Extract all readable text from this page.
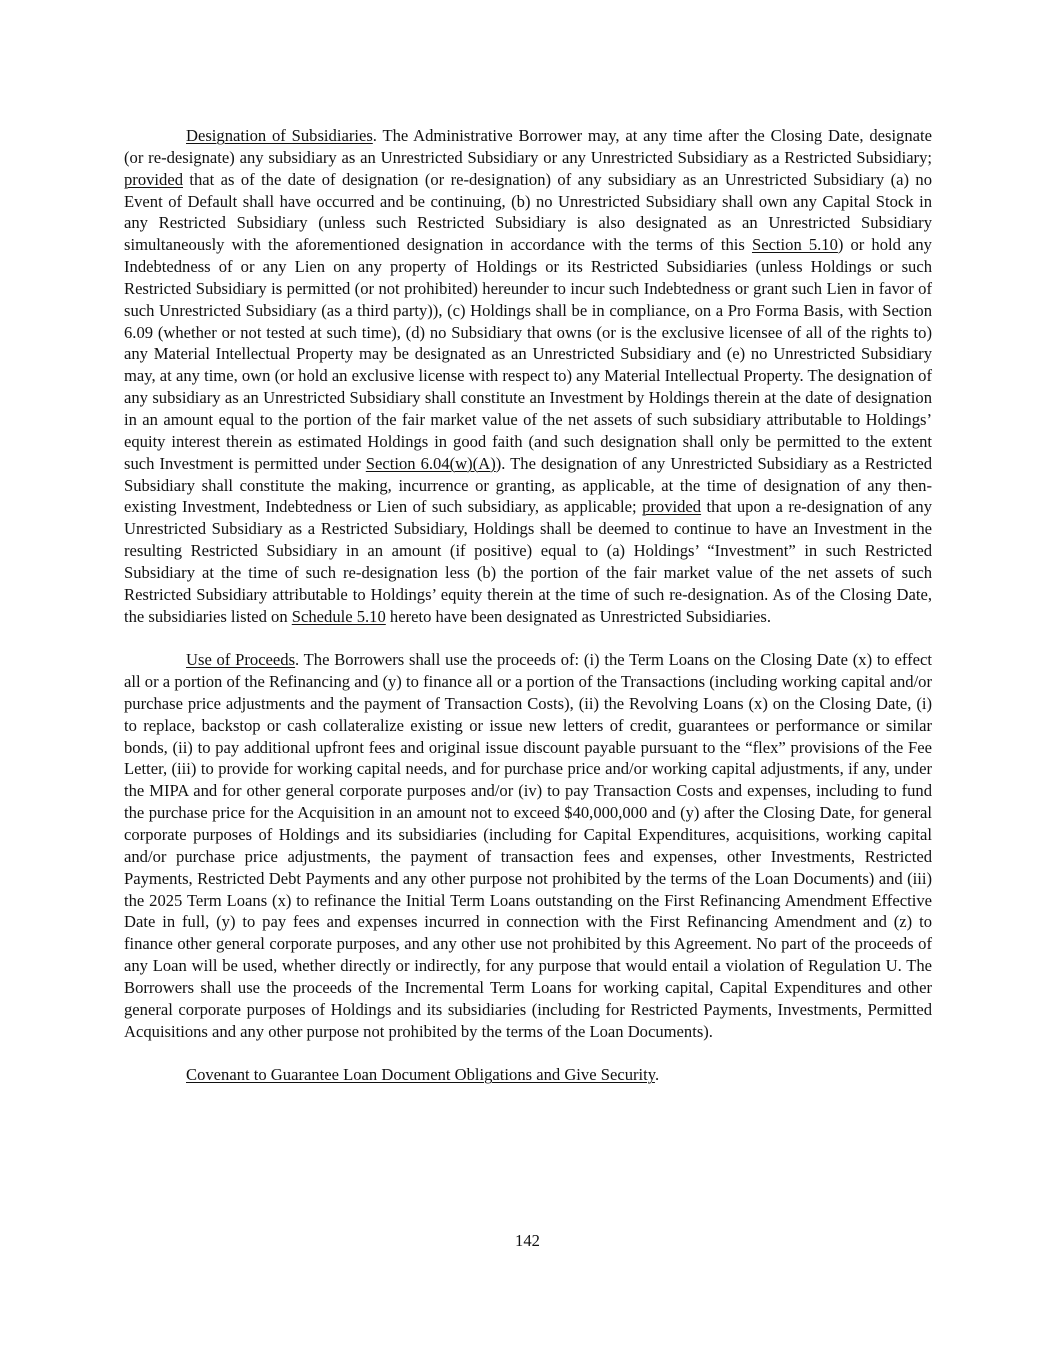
Designation of Subsidiaries. The Administrative Borrower may, at any time after the Closing Date, designate (or re-designate) any subsidiary as an Unrestricted Subsidiary or any Unrestricted Subsidiary as a Restricted Subsidiary; provided that as of the date of designation (or re-designation) of any subsidiary as an Unrestricted Subsidiary (a) no Event of Default shall have occurred and be continuing, (b) no Unrestricted Subsidiary shall own any Capital Stock in any Restricted Subsidiary (unless such Restricted Subsidiary is also designated as an Unrestricted Subsidiary simultaneously with the aforementioned designation in accordance with the terms of this Section 5.10) or hold any Indebtedness of or any Lien on any property of Holdings or its Restricted Subsidiaries (unless Holdings or such Restricted Subsidiary is permitted (or not prohibited) hereunder to incur such Indebtedness or grant such Lien in favor of such Unrestricted Subsidiary (as a third party)), (c) Holdings shall be in compliance, on a Pro Forma Basis, with Section 6.09 (whether or not tested at such time), (d) no Subsidiary that owns (or is the exclusive licensee of all of the rights to) any Material Intellectual Property may be designated as an Unrestricted Subsidiary and (e) no Unrestricted Subsidiary may, at any time, own (or hold an exclusive license with respect to) any Material Intellectual Property. The designation of any subsidiary as an Unrestricted Subsidiary shall constitute an Investment by Holdings therein at the date of designation in an amount equal to the portion of the fair market value of the net assets of such subsidiary attributable to Holdings’ equity interest therein as estimated Holdings in good faith (and such designation shall only be permitted to the extent such Investment is permitted under Section 6.04(w)(A)). The designation of any Unrestricted Subsidiary as a Restricted Subsidiary shall constitute the making, incurrence or granting, as applicable, at the time of designation of any then-existing Investment, Indebtedness or Lien of such subsidiary, as applicable; provided that upon a re-designation of any Unrestricted Subsidiary as a Restricted Subsidiary, Holdings shall be deemed to continue to have an Investment in the resulting Restricted Subsidiary in an amount (if positive) equal to (a) Holdings’ “Investment” in such Restricted Subsidiary at the time of such re-designation less (b) the portion of the fair market value of the net assets of such Restricted Subsidiary attributable to Holdings’ equity therein at the time of such re-designation. As of the Closing Date, the subsidiaries listed on Schedule 5.10 hereto have been designated as Unrestricted Subsidiaries.

Use of Proceeds. The Borrowers shall use the proceeds of: (i) the Term Loans on the Closing Date (x) to effect all or a portion of the Refinancing and (y) to finance all or a portion of the Transactions (including working capital and/or purchase price adjustments and the payment of Transaction Costs), (ii) the Revolving Loans (x) on the Closing Date, (i) to replace, backstop or cash collateralize existing or issue new letters of credit, guarantees or performance or similar bonds, (ii) to pay additional upfront fees and original issue discount payable pursuant to the “flex” provisions of the Fee Letter, (iii) to provide for working capital needs, and for purchase price and/or working capital adjustments, if any, under the MIPA and for other general corporate purposes and/or (iv) to pay Transaction Costs and expenses, including to fund the purchase price for the Acquisition in an amount not to exceed $40,000,000 and (y) after the Closing Date, for general corporate purposes of Holdings and its subsidiaries (including for Capital Expenditures, acquisitions, working capital and/or purchase price adjustments, the payment of transaction fees and expenses, other Investments, Restricted Payments, Restricted Debt Payments and any other purpose not prohibited by the terms of the Loan Documents) and (iii) the 2025 Term Loans (x) to refinance the Initial Term Loans outstanding on the First Refinancing Amendment Effective Date in full, (y) to pay fees and expenses incurred in connection with the First Refinancing Amendment and (z) to finance other general corporate purposes, and any other use not prohibited by this Agreement. No part of the proceeds of any Loan will be used, whether directly or indirectly, for any purpose that would entail a violation of Regulation U. The Borrowers shall use the proceeds of the Incremental Term Loans for working capital, Capital Expenditures and other general corporate purposes of Holdings and its subsidiaries (including for Restricted Payments, Investments, Permitted Acquisitions and any other purpose not prohibited by the terms of the Loan Documents).

Covenant to Guarantee Loan Document Obligations and Give Security.

142
